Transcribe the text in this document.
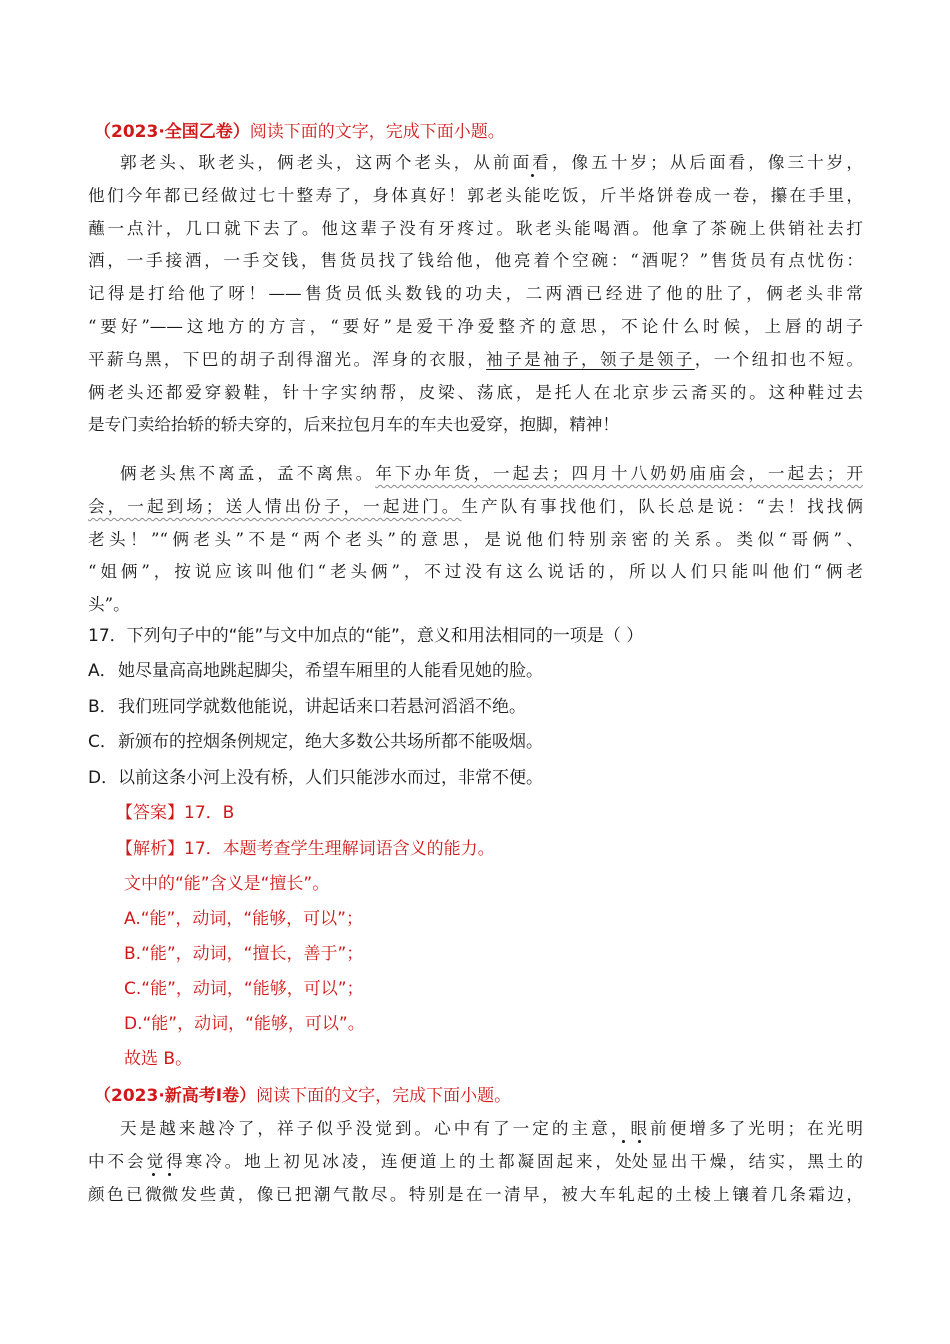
（2023·全国乙卷）阅读下面的文字，完成下面小题。
郭老头、耿老头，俩老头，这两个老头，从前面看，像五十岁；从后面看，像三十岁，
他们今年都已经做过七十整寿了，身体真好！郭老头能吃饭，斤半烙饼卷成一卷，攥在手里，
蘸一点汁，几口就下去了。他这辈子没有牙疼过。耿老头能喝酒。他拿了茶碗上供销社去打
酒，一手接酒，一手交钱，售货员找了钱给他，他亮着个空碗：“酒呢？”售货员有点忧伤：
记得是打给他了呀！——售货员低头数钱的功夫，二两酒已经进了他的肚了，俩老头非常
“要好”——这地方的方言，“要好”是爱干净爱整齐的意思，不论什么时候，上唇的胡子
平薪乌黑，下巴的胡子刮得溜光。浑身的衣服，袖子是袖子，领子是领子，一个纽扣也不短。
俩老头还都爱穿毅鞋，针十字实纳帮，皮梁、荡底，是托人在北京步云斋买的。这种鞋过去
是专门卖给抬轿的轿夫穿的，后来拉包月车的车夫也爱穿，抱脚，精神！
俩老头焦不离孟，孟不离焦。年下办年货，一起去；四月十八奶奶庙庙会，一起去；开
会，一起到场；送人情出份子，一起进门。生产队有事找他们，队长总是说：“去！找找俩
老头！”“俩老头”不是“两个老头”的意思，是说他们特别亲密的关系。类似“哥俩”、
“姐俩”，按说应该叫他们“老头俩”，不过没有这么说话的，所以人们只能叫他们“俩老
头”。
17．下列句子中的“能”与文中加点的“能”，意义和用法相同的一项是（ ）
A．她尽量高高地跳起脚尖，希望车厢里的人能看见她的脸。
B．我们班同学就数他能说，讲起话来口若悬河滔滔不绝。
C．新颁布的控烟条例规定，绝大多数公共场所都不能吸烟。
D．以前这条小河上没有桥，人们只能涉水而过，非常不便。
【答案】17．B
【解析】17．本题考查学生理解词语含义的能力。
文中的“能”含义是“擅长”。
A.“能”，动词，“能够，可以”；
B.“能”，动词，“擅长，善于”；
C.“能”，动词，“能够，可以”；
D.“能”，动词，“能够，可以”。
故选 B。
（2023·新高考Ⅰ卷）阅读下面的文字，完成下面小题。
天是越来越冷了，祥子似乎没觉到。心中有了一定的主意，眼前便增多了光明；在光明
中不会觉得寒冷。地上初见冰凌，连便道上的土都凝固起来，处处显出干燥，结实，黑土的
颜色已微微发些黄，像已把潮气散尽。特别是在一清早，被大车轧起的土棱上镶着几条霜边，
